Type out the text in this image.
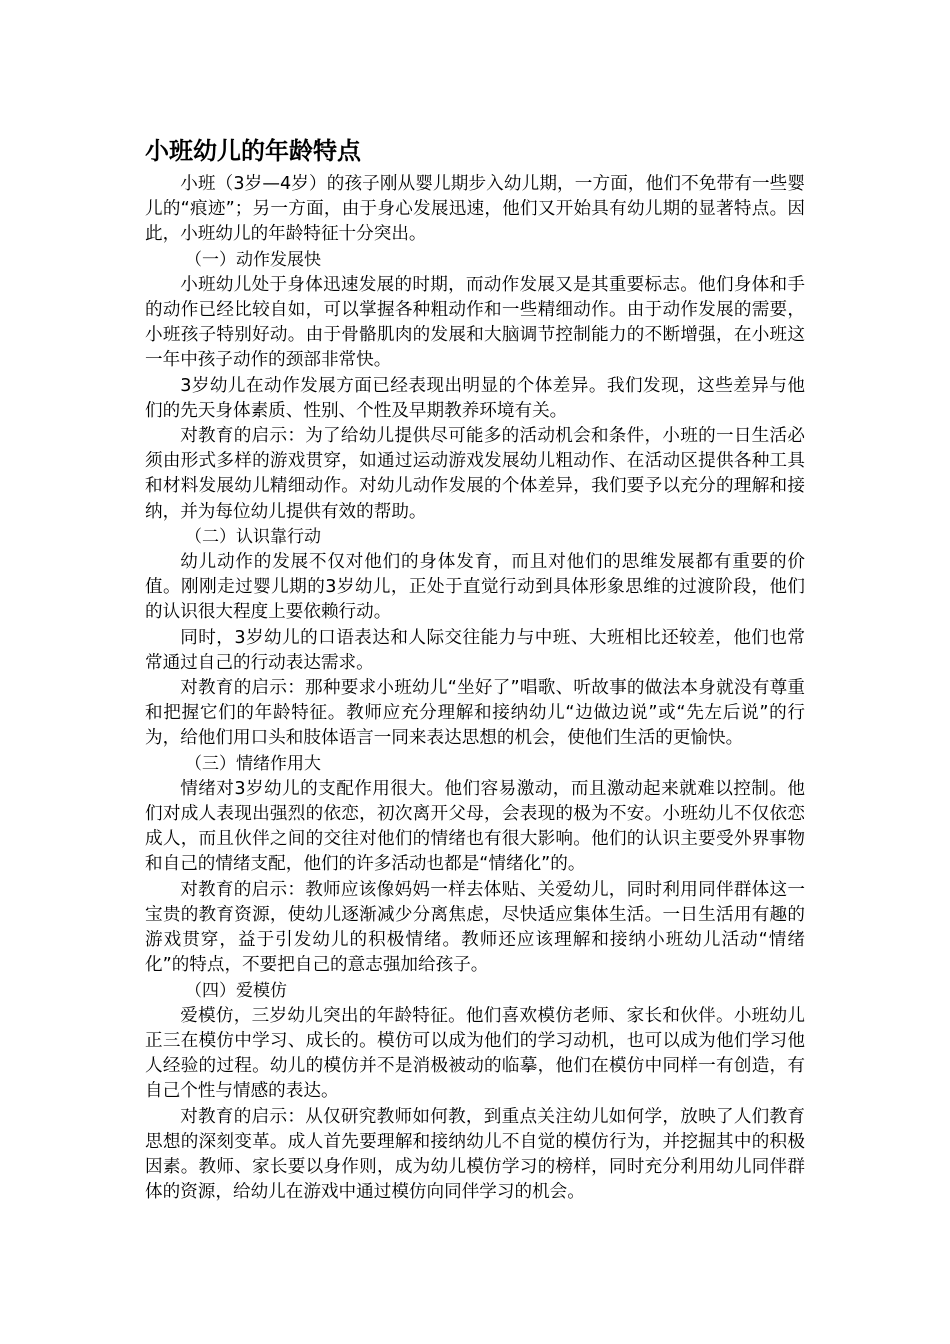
小班幼儿的年龄特点

小班（3岁—4岁）的孩子刚从婴儿期步入幼儿期，一方面，他们不免带有一些婴儿的“痕迹”；另一方面，由于身心发展迅速，他们又开始具有幼儿期的显著特点。因此，小班幼儿的年龄特征十分突出。

（一）动作发展快

小班幼儿处于身体迅速发展的时期，而动作发展又是其重要标志。他们身体和手的动作已经比较自如，可以掌握各种粗动作和一些精细动作。由于动作发展的需要，小班孩子特别好动。由于骨骼肌肉的发展和大脑调节控制能力的不断增强，在小班这一年中孩子动作的颈部非常快。

3岁幼儿在动作发展方面已经表现出明显的个体差异。我们发现，这些差异与他们的先天身体素质、性别、个性及早期教养环境有关。

对教育的启示：为了给幼儿提供尽可能多的活动机会和条件，小班的一日生活必须由形式多样的游戏贯穿，如通过运动游戏发展幼儿粗动作、在活动区提供各种工具和材料发展幼儿精细动作。对幼儿动作发展的个体差异，我们要予以充分的理解和接纳，并为每位幼儿提供有效的帮助。

（二）认识靠行动

幼儿动作的发展不仅对他们的身体发育，而且对他们的思维发展都有重要的价值。刚刚走过婴儿期的3岁幼儿，正处于直觉行动到具体形象思维的过渡阶段，他们的认识很大程度上要依赖行动。

同时，3岁幼儿的口语表达和人际交往能力与中班、大班相比还较差，他们也常常通过自己的行动表达需求。

对教育的启示：那种要求小班幼儿“坐好了”唱歌、听故事的做法本身就没有尊重和把握它们的年龄特征。教师应充分理解和接纳幼儿“边做边说”或“先左后说”的行为，给他们用口头和肢体语言一同来表达思想的机会，使他们生活的更愉快。

（三）情绪作用大

情绪对3岁幼儿的支配作用很大。他们容易激动，而且激动起来就难以控制。他们对成人表现出强烈的依恋，初次离开父母，会表现的极为不安。小班幼儿不仅依恋成人，而且伙伴之间的交往对他们的情绪也有很大影响。他们的认识主要受外界事物和自己的情绪支配，他们的许多活动也都是“情绪化”的。

对教育的启示：教师应该像妈妈一样去体贴、关爱幼儿，同时利用同伴群体这一宝贵的教育资源，使幼儿逐渐减少分离焦虑，尽快适应集体生活。一日生活用有趣的游戏贯穿，益于引发幼儿的积极情绪。教师还应该理解和接纳小班幼儿活动“情绪化”的特点，不要把自己的意志强加给孩子。

（四）爱模仿

爱模仿，三岁幼儿突出的年龄特征。他们喜欢模仿老师、家长和伙伴。小班幼儿正三在模仿中学习、成长的。模仿可以成为他们的学习动机，也可以成为他们学习他人经验的过程。幼儿的模仿并不是消极被动的临摹，他们在模仿中同样一有创造，有自己个性与情感的表达。

对教育的启示：从仅研究教师如何教，到重点关注幼儿如何学，放映了人们教育思想的深刻变革。成人首先要理解和接纳幼儿不自觉的模仿行为，并挖掘其中的积极因素。教师、家长要以身作则，成为幼儿模仿学习的榜样，同时充分利用幼儿同伴群体的资源，给幼儿在游戏中通过模仿向同伴学习的机会。
